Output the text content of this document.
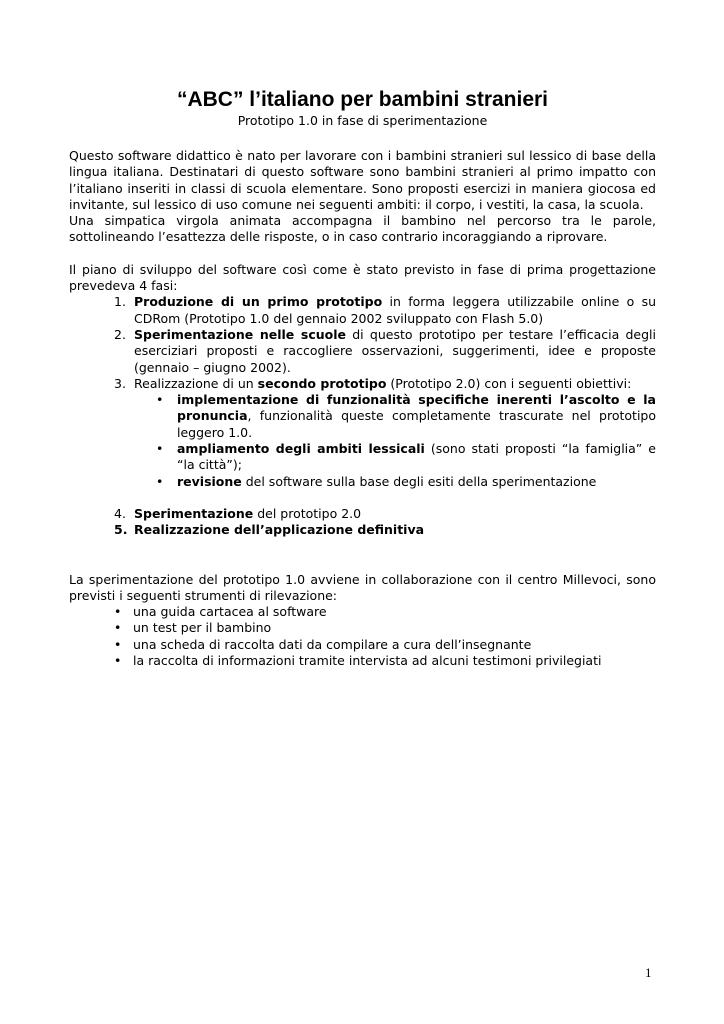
“ABC” l’italiano per bambini stranieri
Prototipo 1.0 in fase di sperimentazione

Questo software didattico è nato per lavorare con i bambini stranieri sul lessico di base della lingua italiana. Destinatari di questo software sono bambini stranieri al primo impatto con l’italiano inseriti in classi di scuola elementare. Sono proposti esercizi in maniera giocosa ed invitante, sul lessico di uso comune nei seguenti ambiti: il corpo, i vestiti, la casa, la scuola.

Una simpatica virgola animata accompagna il bambino nel percorso tra le parole, sottolineando l’esattezza delle risposte, o in caso contrario incoraggiando a riprovare.

Il piano di sviluppo del software così come è stato previsto in fase di prima progettazione prevedeva 4 fasi:

1. Produzione di un primo prototipo in forma leggera utilizzabile online o su CDRom (Prototipo 1.0 del gennaio 2002 sviluppato con Flash 5.0)
2. Sperimentazione nelle scuole di questo prototipo per testare l’efficacia degli eserciziari proposti e raccogliere osservazioni, suggerimenti, idee e proposte (gennaio – giugno 2002).
3. Realizzazione di un secondo prototipo (Prototipo 2.0) con i seguenti obiettivi:
• implementazione di funzionalità specifiche inerenti l’ascolto e la pronuncia, funzionalità queste completamente trascurate nel prototipo leggero 1.0.
• ampliamento degli ambiti lessicali (sono stati proposti “la famiglia” e “la città”);
• revisione del software sulla base degli esiti della sperimentazione
4. Sperimentazione del prototipo 2.0
5. Realizzazione dell’applicazione definitiva

La sperimentazione del prototipo 1.0 avviene in collaborazione con il centro Millevoci, sono previsti i seguenti strumenti di rilevazione:

• una guida cartacea al software
• un test per il bambino
• una scheda di raccolta dati da compilare a cura dell’insegnante
• la raccolta di informazioni tramite intervista ad alcuni testimoni privilegiati
1
